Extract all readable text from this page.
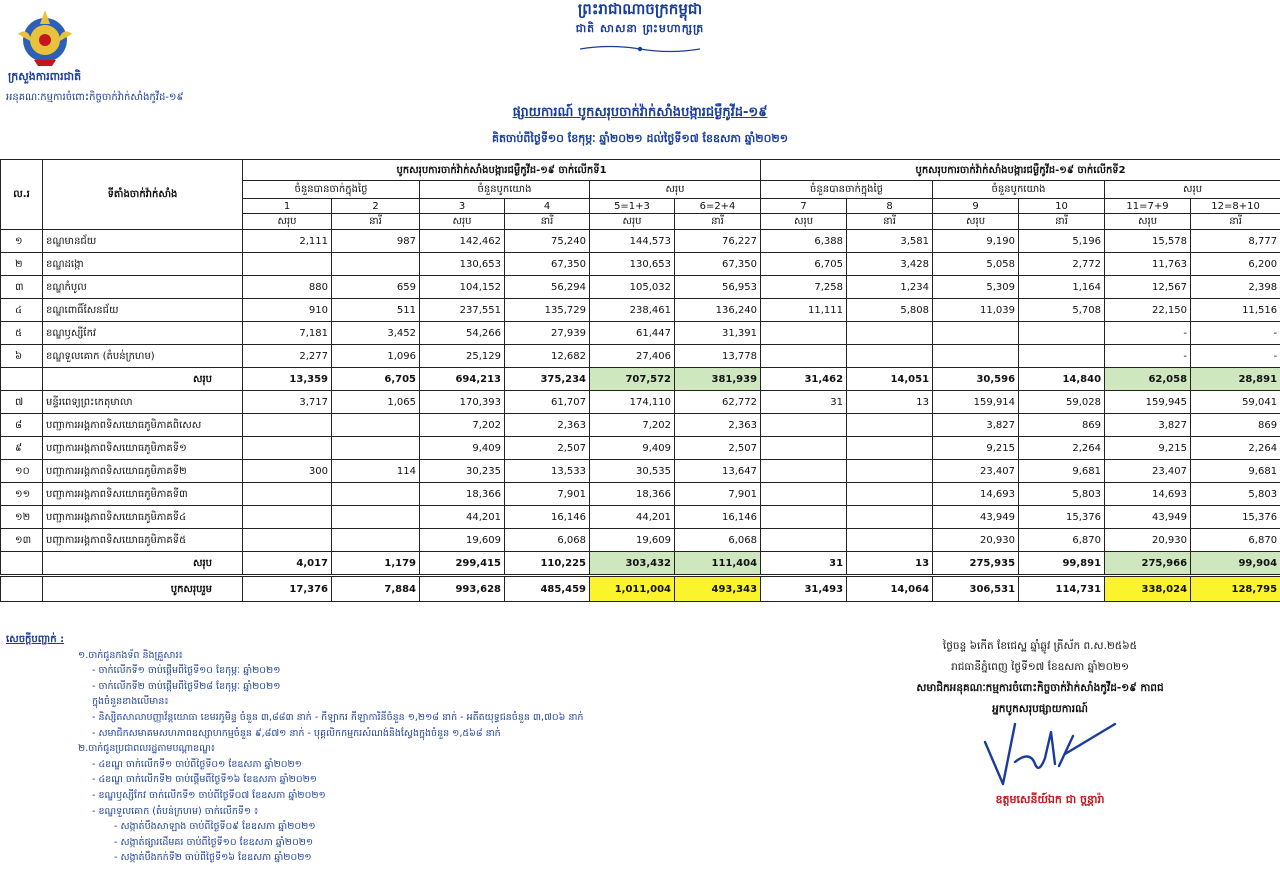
ក្រសួងការពារជាតិ
អនុគណៈកម្មការចំពោះកិច្ចចាក់វ៉ាក់សាំងកូវីដ-១៩
ព្រះរាជាណាចក្រកម្ពុជា
ជាតិ សាសនា ព្រះមហាក្សត្រ
ផ្សាយការណ៍ បូកសរុបចាក់វ៉ាក់សាំងបង្ការជម្ងឺកូវីដ-១៩
គិតចាប់ពីថ្ងៃទី១០ ខែកុម្ភៈ ឆ្នាំ២០២១ ដល់ថ្ងៃទី១៧ ខែឧសភា ឆ្នាំ២០២១
ល.រ	ទីតាំងចាក់វ៉ាក់សាំង	បូកសរុបការចាក់វ៉ាក់សាំងបង្ការជម្ងឺកូវីដ-១៩ ចាក់លើកទី1						បូកសរុបការចាក់វ៉ាក់សាំងបង្ការជម្ងឺកូវីដ-១៩ ចាក់លើកទី2					
		ចំនួនបានចាក់ក្នុងថ្ងៃ		ចំនួនបូកយោង		សរុប		ចំនួនបានចាក់ក្នុងថ្ងៃ		ចំនួនបូកយោង		សរុប	
		1	2	3	4	5=1+3	6=2+4	7	8	9	10	11=7+9	12=8+10
		សរុប	នារី	សរុប	នារី	សរុប	នារី	សរុប	នារី	សរុប	នារី	សរុប	នារី
១	ខណ្ឌមានជ័យ	2,111	987	142,462	75,240	144,573	76,227	6,388	3,581	9,190	5,196	15,578	8,777
២	ខណ្ឌដង្កោ			130,653	67,350	130,653	67,350	6,705	3,428	5,058	2,772	11,763	6,200
៣	ខណ្ឌកំបូល	880	659	104,152	56,294	105,032	56,953	7,258	1,234	5,309	1,164	12,567	2,398
៤	ខណ្ឌពោធិ៍សែនជ័យ	910	511	237,551	135,729	238,461	136,240	11,111	5,808	11,039	5,708	22,150	11,516
៥	ខណ្ឌឫស្សីកែវ	7,181	3,452	54,266	27,939	61,447	31,391					-	-
៦	ខណ្ឌទួលគោក (តំបន់ក្រហម)	2,277	1,096	25,129	12,682	27,406	13,778					-	-
	សរុប	13,359	6,705	694,213	375,234	707,572	381,939	31,462	14,051	30,596	14,840	62,058	28,891
៧	មន្ទីរពេទ្យព្រះកេតុមាលា	3,717	1,065	170,393	61,707	174,110	62,772	31	13	159,914	59,028	159,945	59,041
៨	បញ្ជាការអង្គភាពទិសយោធភូមិភាគពិសេស			7,202	2,363	7,202	2,363			3,827	869	3,827	869
៩	បញ្ជាការអង្គភាពទិសយោធភូមិភាគទី១			9,409	2,507	9,409	2,507			9,215	2,264	9,215	2,264
១០	បញ្ជាការអង្គភាពទិសយោធភូមិភាគទី២	300	114	30,235	13,533	30,535	13,647			23,407	9,681	23,407	9,681
១១	បញ្ជាការអង្គភាពទិសយោធភូមិភាគទី៣			18,366	7,901	18,366	7,901			14,693	5,803	14,693	5,803
១២	បញ្ជាការអង្គភាពទិសយោធភូមិភាគទី៤			44,201	16,146	44,201	16,146			43,949	15,376	43,949	15,376
១៣	បញ្ជាការអង្គភាពទិសយោធភូមិភាគទី៥			19,609	6,068	19,609	6,068			20,930	6,870	20,930	6,870
	សរុប	4,017	1,179	299,415	110,225	303,432	111,404	31	13	275,935	99,891	275,966	99,904
	បូកសរុបរួម	17,376	7,884	993,628	485,459	1,011,004	493,343	31,493	14,064	306,531	114,731	338,024	128,795
សេចក្តីបញ្ជាក់ :
១.ចាក់ជូនកងទ័ព និងគ្រួសារ៖
- ចាក់លើកទី១ ចាប់ផ្តើមពីថ្ងៃទី១០ ខែកុម្ភៈ ឆ្នាំ២០២១
- ចាក់លើកទី២ ចាប់ផ្តើមពីថ្ងៃទី២៨ ខែកុម្ភៈ ឆ្នាំ២០២១
ក្នុងចំនួនខាងលើមាន៖
- និស្សិតសាលាបញ្ញាវ័ន្តយោធា ខេមរភូមិន្ទ ចំនួន ៣,៨៨៣ នាក់ - កីឡាករ កីឡាការិនីចំនួន ១,២១៨ នាក់ - អតីតយុទ្ធជនចំនួន ៣,៧០៦ នាក់
- សមាជិកសមាគមសហភាពឧស្សាហកម្មចំនួន ៩,៨៧១ នាក់ - បុគ្គលិកកម្មករសំណង់និងស្វែងក្នុងចំនួន ១,៥៦៨ នាក់
២.ចាក់ជូនប្រជាពលរដ្ឋតាមបណ្តាខណ្ឌ៖
- ៤ខណ្ឌ ចាក់លើកទី១ ចាប់ពីថ្ងៃទី០១ ខែឧសភា ឆ្នាំ២០២១
- ៤ខណ្ឌ ចាក់លើកទី២ ចាប់ផ្តើមពីថ្ងៃទី១៦ ខែឧសភា ឆ្នាំ២០២១
- ខណ្ឌឫស្សីកែវ ចាក់លើកទី១ ចាប់ពីថ្ងៃទី០៧ ខែឧសភា ឆ្នាំ២០២១
- ខណ្ឌទួលគោក (តំបន់ក្រហម) ចាក់លើកទី១ ៖
- សង្កាត់បឹងសាឡាង ចាប់ពីថ្ងៃទី០៩ ខែឧសភា ឆ្នាំ២០២១
- សង្កាត់ផ្សារដើមគរ ចាប់ពីថ្ងៃទី១០ ខែឧសភា ឆ្នាំ២០២១
- សង្កាត់បឹងកក់ទី២ ចាប់ពីថ្ងៃទី១៦ ខែឧសភា ឆ្នាំ២០២១
ថ្ងៃចន្ទ ៦កើត ខែជេស្ឋ ឆ្នាំឆ្លូវ ត្រីស័ក ព.ស.២៥៦៥
រាជធានីភ្នំពេញ ថ្ងៃទី១៧ ខែឧសភា ឆ្នាំ២០២១
សមាជិកអនុគណៈកម្មការចំពោះកិច្ចចាក់វ៉ាក់សាំងកូវីដ-១៩ កាពជ
អ្នកបូកសរុបផ្សាយការណ៍
ឧត្តមសេនីយ៍ឯក ជា ចន្ណារ៉ា
